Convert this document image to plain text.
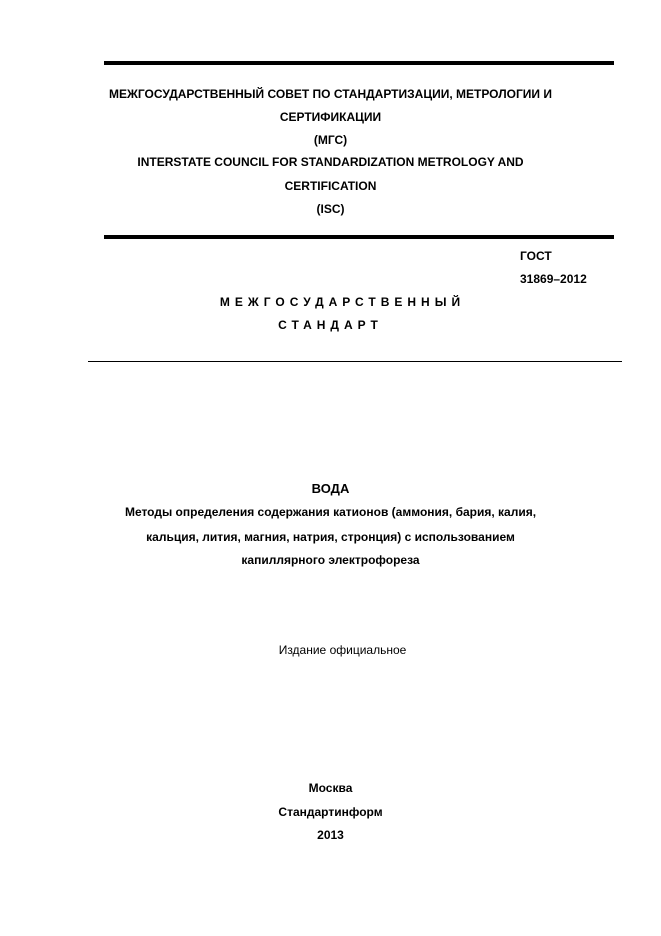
МЕЖГОСУДАРСТВЕННЫЙ СОВЕТ ПО СТАНДАРТИЗАЦИИ, МЕТРОЛОГИИ И
СЕРТИФИКАЦИИ
(МГС)
INTERSTATE COUNCIL FOR STANDARDIZATION METROLOGY AND
CERTIFICATION
(ISC)
ГОСТ
31869–2012
МЕЖГОСУДАРСТВЕННЫЙ
СТАНДАРТ
ВОДА
Методы определения содержания катионов (аммония, бария, калия,
кальция, лития, магния, натрия, стронция) с использованием
капиллярного электрофореза
Издание официальное
Москва
Стандартинформ
2013
